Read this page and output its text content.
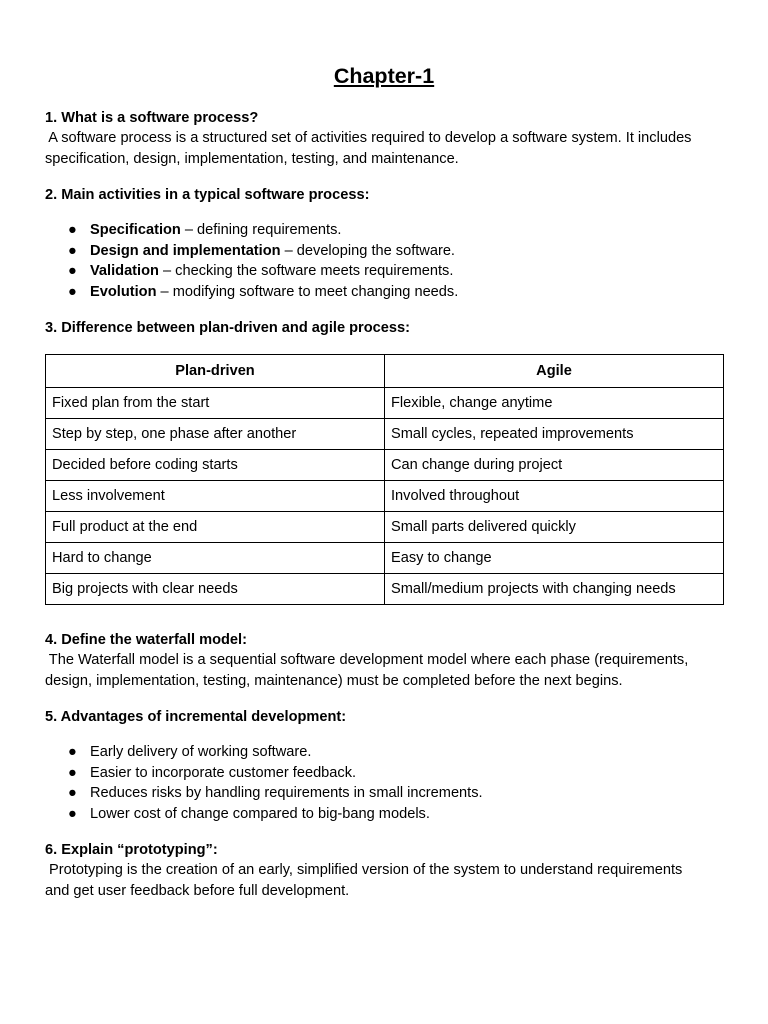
Chapter-1
1. What is a software process?
A software process is a structured set of activities required to develop a software system. It includes
specification, design, implementation, testing, and maintenance.
2. Main activities in a typical software process:
● Specification – defining requirements.
● Design and implementation – developing the software.
● Validation – checking the software meets requirements.
● Evolution – modifying software to meet changing needs.
3. Difference between plan-driven and agile process:
Plan-driven	Agile
Fixed plan from the start	Flexible, change anytime
Step by step, one phase after another	Small cycles, repeated improvements
Decided before coding starts	Can change during project
Less involvement	Involved throughout
Full product at the end	Small parts delivered quickly
Hard to change	Easy to change
Big projects with clear needs	Small/medium projects with changing needs
4. Define the waterfall model:
The Waterfall model is a sequential software development model where each phase (requirements,
design, implementation, testing, maintenance) must be completed before the next begins.
5. Advantages of incremental development:
● Early delivery of working software.
● Easier to incorporate customer feedback.
● Reduces risks by handling requirements in small increments.
● Lower cost of change compared to big-bang models.
6. Explain “prototyping”:
Prototyping is the creation of an early, simplified version of the system to understand requirements
and get user feedback before full development.
